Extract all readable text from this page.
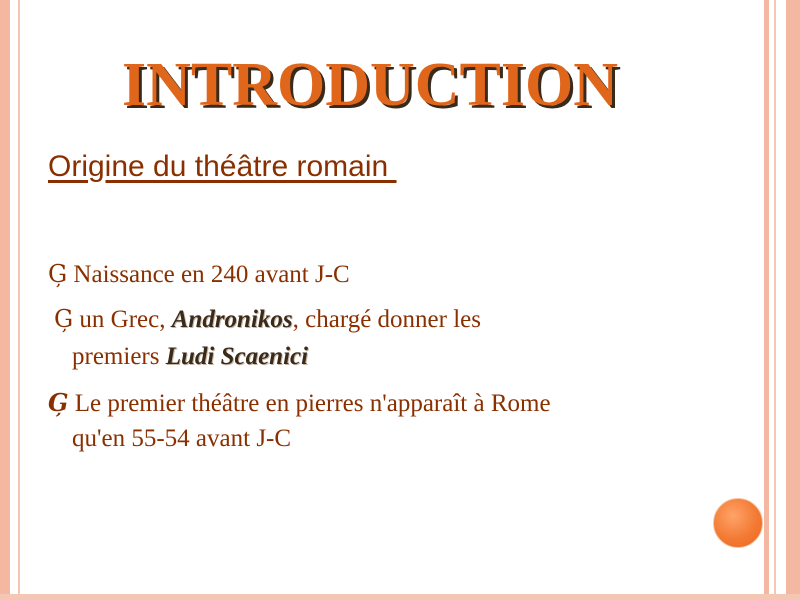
INTRODUCTION
Origine du théâtre romain
Ģ Naissance en 240 avant J-C
Ģ un Grec, Andronikos, chargé donner les
premiers Ludi Scaenici
Ģ Le premier théâtre en pierres n'apparaît à Rome
qu'en 55-54 avant J-C
